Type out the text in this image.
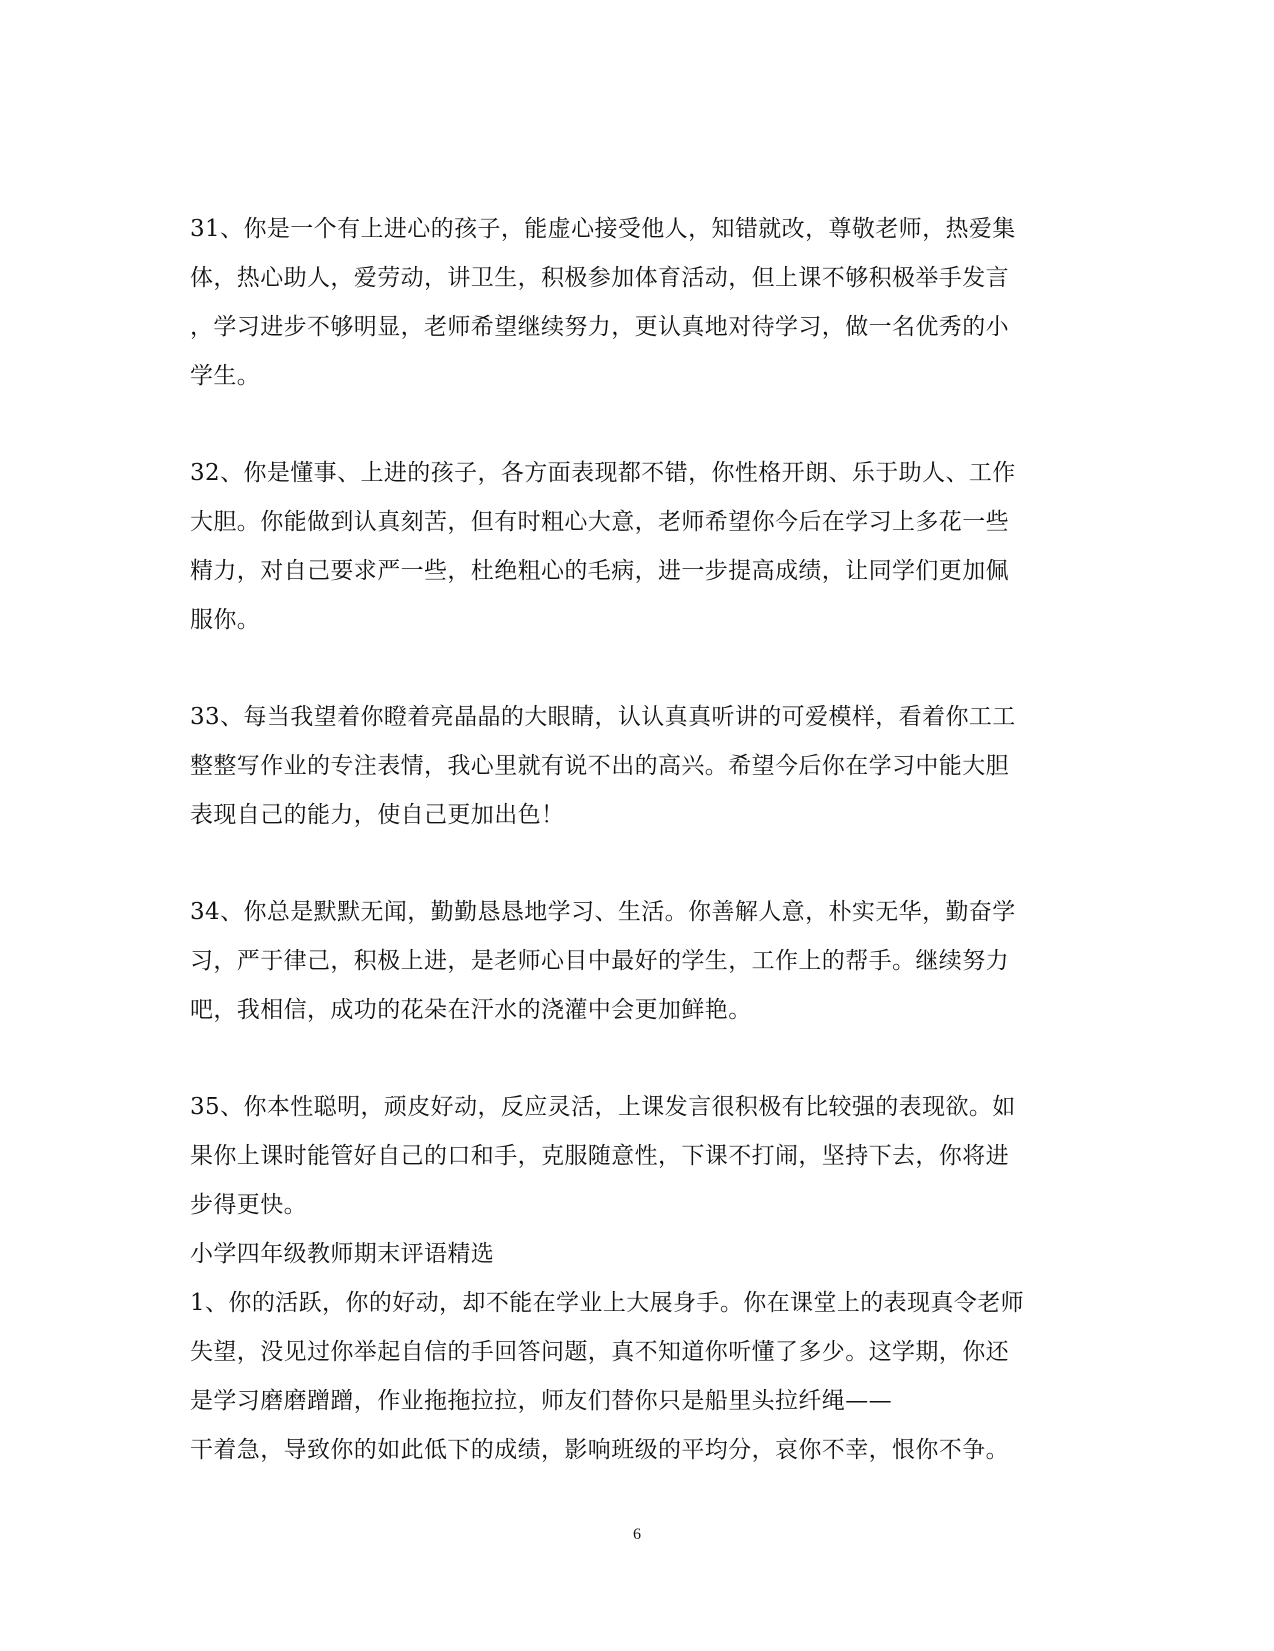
31、你是一个有上进心的孩子，能虚心接受他人，知错就改，尊敬老师，热爱集
体，热心助人，爱劳动，讲卫生，积极参加体育活动，但上课不够积极举手发言
，学习进步不够明显，老师希望继续努力，更认真地对待学习，做一名优秀的小
学生。
32、你是懂事、上进的孩子，各方面表现都不错，你性格开朗、乐于助人、工作
大胆。你能做到认真刻苦，但有时粗心大意，老师希望你今后在学习上多花一些
精力，对自己要求严一些，杜绝粗心的毛病，进一步提高成绩，让同学们更加佩
服你。
33、每当我望着你瞪着亮晶晶的大眼睛，认认真真听讲的可爱模样，看着你工工
整整写作业的专注表情，我心里就有说不出的高兴。希望今后你在学习中能大胆
表现自己的能力，使自己更加出色！
34、你总是默默无闻，勤勤恳恳地学习、生活。你善解人意，朴实无华，勤奋学
习，严于律己，积极上进，是老师心目中最好的学生，工作上的帮手。继续努力
吧，我相信，成功的花朵在汗水的浇灌中会更加鲜艳。
35、你本性聪明，顽皮好动，反应灵活，上课发言很积极有比较强的表现欲。如
果你上课时能管好自己的口和手，克服随意性，下课不打闹，坚持下去，你将进
步得更快。
小学四年级教师期末评语精选
1、你的活跃，你的好动，却不能在学业上大展身手。你在课堂上的表现真令老师
失望，没见过你举起自信的手回答问题，真不知道你听懂了多少。这学期，你还
是学习磨磨蹭蹭，作业拖拖拉拉，师友们替你只是船里头拉纤绳——
干着急，导致你的如此低下的成绩，影响班级的平均分，哀你不幸，恨你不争。
6
